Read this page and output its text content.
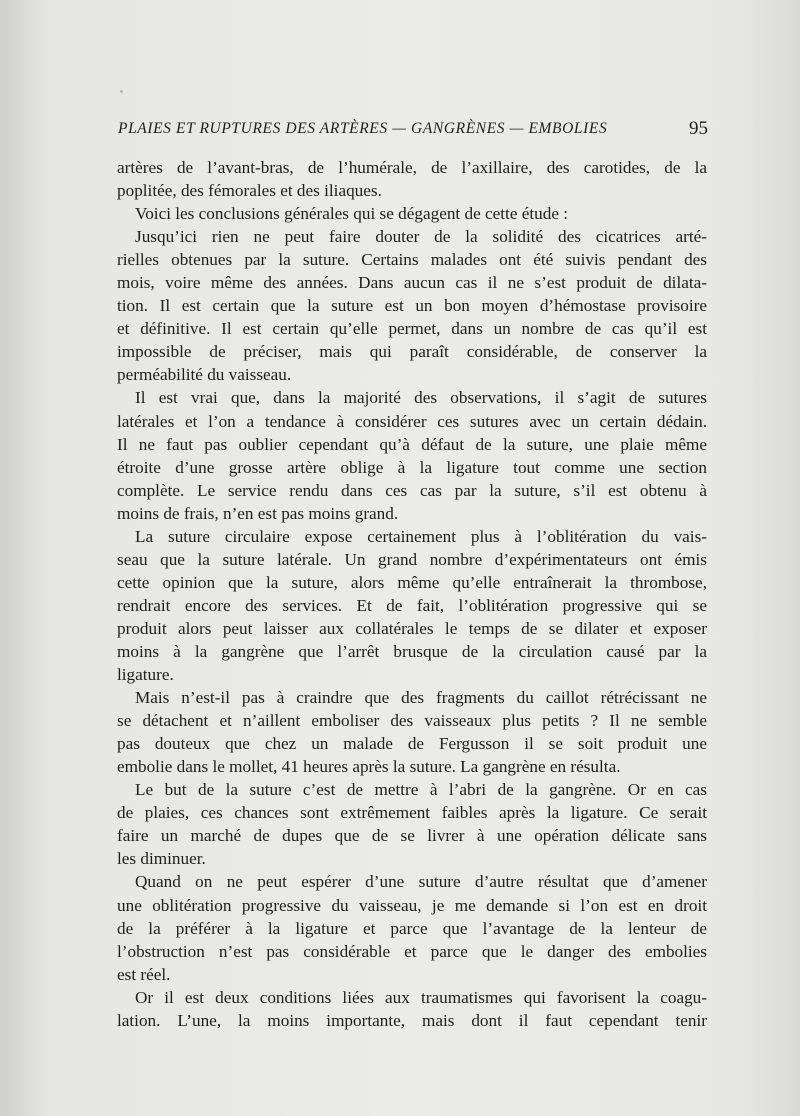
PLAIES ET RUPTURES DES ARTÈRES — GANGRÈNES — EMBOLIES	95

artères de l’avant-bras, de l’humérale, de l’axillaire, des carotides, de la
poplitée, des fémorales et des iliaques.

Voici les conclusions générales qui se dégagent de cette étude :

Jusqu’ici rien ne peut faire douter de la solidité des cicatrices arté-
rielles obtenues par la suture. Certains malades ont été suivis pendant des
mois, voire même des années. Dans aucun cas il ne s’est produit de dilata-
tion. Il est certain que la suture est un bon moyen d’hémostase provisoire
et définitive. Il est certain qu’elle permet, dans un nombre de cas qu’il est
impossible de préciser, mais qui paraît considérable, de conserver la
perméabilité du vaisseau.

Il est vrai que, dans la majorité des observations, il s’agit de sutures
latérales et l’on a tendance à considérer ces sutures avec un certain dédain.
Il ne faut pas oublier cependant qu’à défaut de la suture, une plaie même
étroite d’une grosse artère oblige à la ligature tout comme une section
complète. Le service rendu dans ces cas par la suture, s’il est obtenu à
moins de frais, n’en est pas moins grand.

La suture circulaire expose certainement plus à l’oblitération du vais-
seau que la suture latérale. Un grand nombre d’expérimentateurs ont émis
cette opinion que la suture, alors même qu’elle entraînerait la thrombose,
rendrait encore des services. Et de fait, l’oblitération progressive qui se
produit alors peut laisser aux collatérales le temps de se dilater et exposer
moins à la gangrène que l’arrêt brusque de la circulation causé par la
ligature.

Mais n’est-il pas à craindre que des fragments du caillot rétrécissant ne
se détachent et n’aillent emboliser des vaisseaux plus petits ? Il ne semble
pas douteux que chez un malade de Fergusson il se soit produit une
embolie dans le mollet, 41 heures après la suture. La gangrène en résulta.

Le but de la suture c’est de mettre à l’abri de la gangrène. Or en cas
de plaies, ces chances sont extrêmement faibles après la ligature. Ce serait
faire un marché de dupes que de se livrer à une opération délicate sans
les diminuer.

Quand on ne peut espérer d’une suture d’autre résultat que d’amener
une oblitération progressive du vaisseau, je me demande si l’on est en droit
de la préférer à la ligature et parce que l’avantage de la lenteur de
l’obstruction n’est pas considérable et parce que le danger des embolies
est réel.

Or il est deux conditions liées aux traumatismes qui favorisent la coagu-
lation. L’une, la moins importante, mais dont il faut cependant tenir
